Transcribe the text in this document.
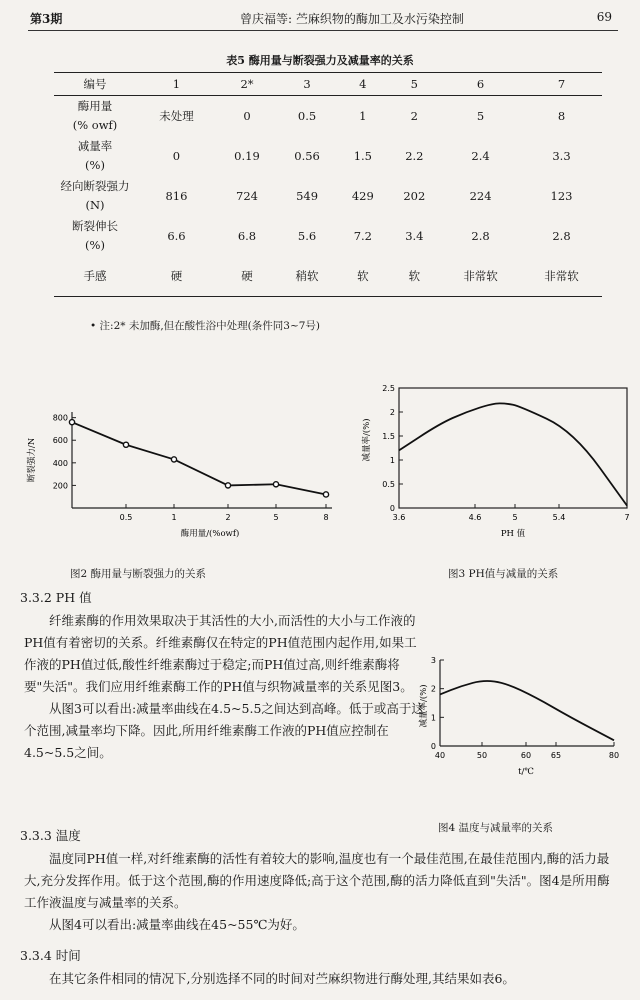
第3期	曾庆福等: 苎麻织物的酶加工及水污染控制	69
表5 酶用量与断裂强力及减量率的关系
编号	1	2*	3	4	5	6	7

酶用量
(% owf)	未处理	0	0.5	1	2	5	8

减量率
(%)	0	0.19	0.56	1.5	2.2	2.4	3.3

经向断裂强力
(N)	816	724	549	429	202	224	123

断裂伸长
(%)	6.6	6.8	5.6	7.2	3.4	2.8	2.8

手感	硬	硬	稍软	软	软	非常软	非常软
• 注:2* 未加酶,但在酸性浴中处理(条件同3~7号)
200
400
600
800
0.5	1	2	5	8
酶用量/(%owf)
断裂强力/N
图2 酶用量与断裂强力的关系
0
0.5
1
1.5
2
2.5
3.6	4.6	5	5.4	7
PH 值
减量率/(%)
图3 PH值与减量的关系
0
1
2
3
40	50	60 65	80
t/℃
减量率/(%)
图4 温度与减量率的关系
3.3.2 PH 值

纤维素酶的作用效果取决于其活性的大小,而活性的大小与工作液的PH值有着密切的关系。纤维素酶仅在特定的PH值范围内起作用,如果工作液的PH值过低,酸性纤维素酶过于稳定;而PH值过高,则纤维素酶将要"失活"。我们应用纤维素酶工作的PH值与织物减量率的关系见图3。

从图3可以看出:减量率曲线在4.5~5.5之间达到高峰。低于或高于这个范围,减量率均下降。因此,所用纤维素酶工作液的PH值应控制在4.5~5.5之间。

3.3.3 温度

温度同PH值一样,对纤维素酶的活性有着较大的影响,温度也有一个最佳范围,在最佳范围内,酶的活力最大,充分发挥作用。低于这个范围,酶的作用速度降低;高于这个范围,酶的活力降低直到"失活"。图4是所用酶工作液温度与减量率的关系。

从图4可以看出:减量率曲线在45~55℃为好。

3.3.4 时间

在其它条件相同的情况下,分别选择不同的时间对苎麻织物进行酶处理,其结果如表6。
